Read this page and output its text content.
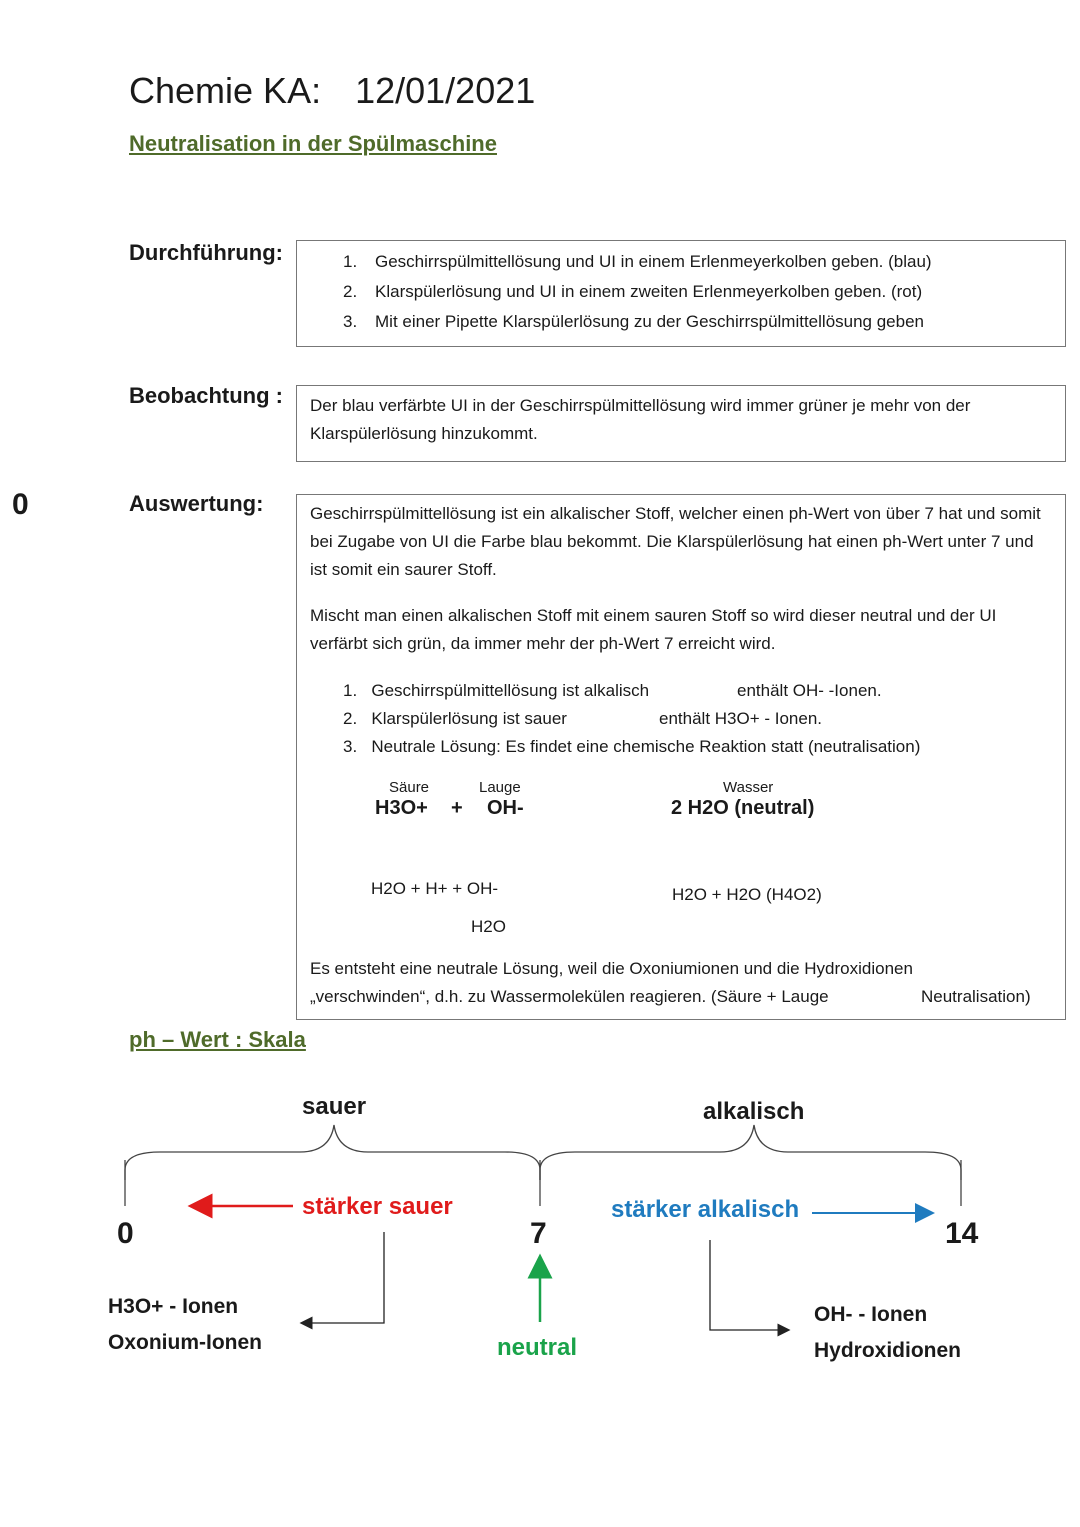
Chemie KA: 12/01/2021
Neutralisation in der Spülmaschine
0
Durchführung:	1. Geschirrspülmittellösung und UI in einem Erlenmeyerkolben geben. (blau)
2. Klarspülerlösung und UI in einem zweiten Erlenmeyerkolben geben. (rot)
3. Mit einer Pipette Klarspülerlösung zu der Geschirrspülmittellösung geben
Beobachtung : Der blau verfärbte UI in der Geschirrspülmittellösung wird immer grüner je mehr von der Klarspülerlösung hinzukommt.
Auswertung:	Geschirrspülmittellösung ist ein alkalischer Stoff, welcher einen ph-Wert von über 7 hat und somit bei Zugabe von UI die Farbe blau bekommt. Die Klarspülerlösung hat einen ph-Wert unter 7 und ist somit ein saurer Stoff.
Mischt man einen alkalischen Stoff mit einem sauren Stoff so wird dieser neutral und der UI verfärbt sich grün, da immer mehr der ph-Wert 7 erreicht wird.
1. Geschirrspülmittellösung ist alkalisch	enthält OH- -Ionen.
2. Klarspülerlösung ist sauer	enthält H3O+ - Ionen.
3. Neutrale Lösung: Es findet eine chemische Reaktion statt (neutralisation)
Säure	Lauge	Wasser
H3O+ + OH-	2 H2O (neutral)
H2O + H+ + OH-
H2O
H2O + H2O (H4O2)
Es entsteht eine neutrale Lösung, weil die Oxoniumionen und die Hydroxidionen
„verschwinden“, d.h. zu Wassermolekülen reagieren. (Säure + Lauge	Neutralisation)
ph – Wert : Skala
sauer	alkalisch
stärker sauer	stärker alkalisch
0	7	14
neutral
H3O+ - Ionen
Oxonium-Ionen
OH- - Ionen
Hydroxidionen
